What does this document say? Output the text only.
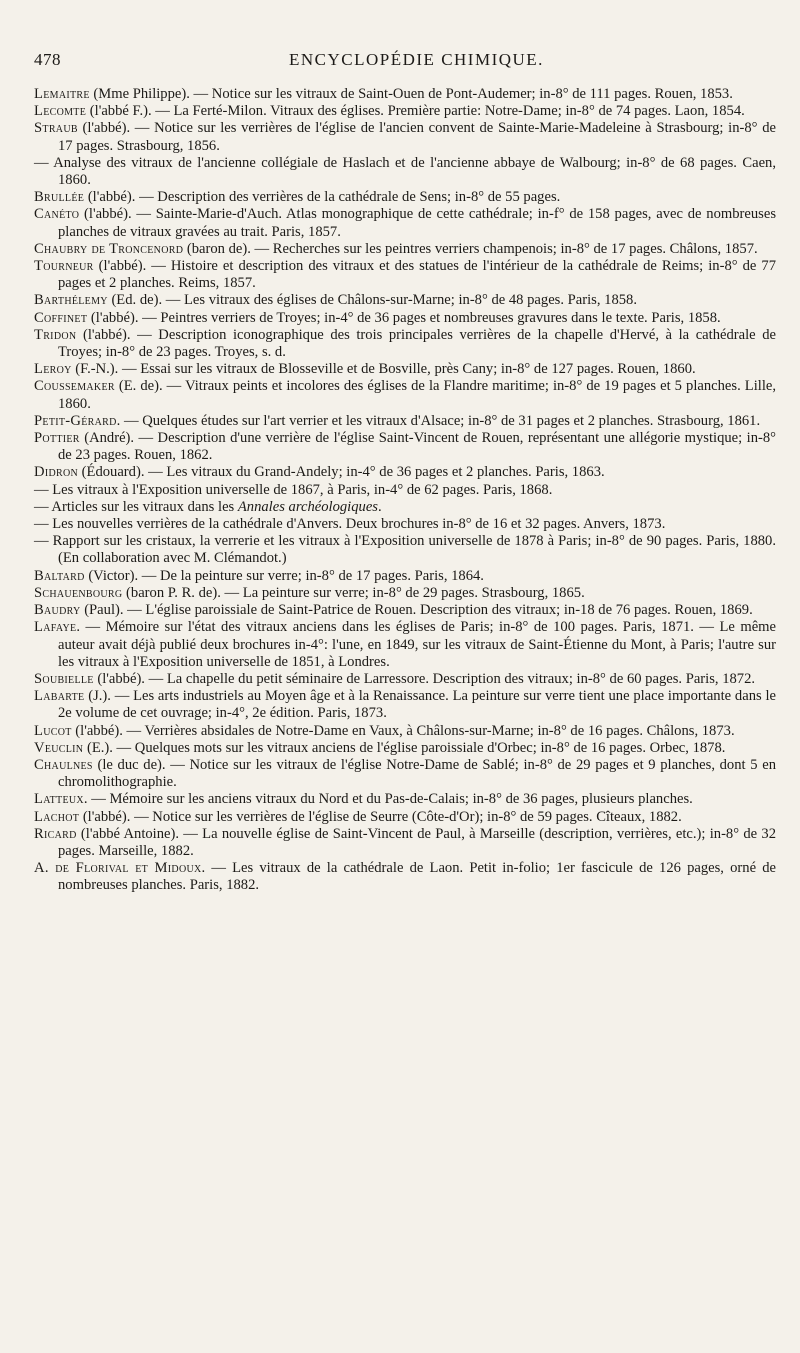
478	ENCYCLOPÉDIE CHIMIQUE.

Lemaitre (Mme Philippe). — Notice sur les vitraux de Saint-Ouen de Pont-Audemer; in-8° de 111 pages. Rouen, 1853.

Lecomte (l'abbé F.). — La Ferté-Milon. Vitraux des églises. Première partie: Notre-Dame; in-8° de 74 pages. Laon, 1854.

Straub (l'abbé). — Notice sur les verrières de l'église de l'ancien convent de Sainte-Marie-Madeleine à Strasbourg; in-8° de 17 pages. Strasbourg, 1856.

— Analyse des vitraux de l'ancienne collégiale de Haslach et de l'ancienne abbaye de Walbourg; in-8° de 68 pages. Caen, 1860.

Brullée (l'abbé). — Description des verrières de la cathédrale de Sens; in-8° de 55 pages.

Canéto (l'abbé). — Sainte-Marie-d'Auch. Atlas monographique de cette cathédrale; in-f° de 158 pages, avec de nombreuses planches de vitraux gravées au trait. Paris, 1857.

Chaubry de Troncenord (baron de). — Recherches sur les peintres verriers champenois; in-8° de 17 pages. Châlons, 1857.

Tourneur (l'abbé). — Histoire et description des vitraux et des statues de l'intérieur de la cathédrale de Reims; in-8° de 77 pages et 2 planches. Reims, 1857.

Barthélemy (Ed. de). — Les vitraux des églises de Châlons-sur-Marne; in-8° de 48 pages. Paris, 1858.

Coffinet (l'abbé). — Peintres verriers de Troyes; in-4° de 36 pages et nombreuses gravures dans le texte. Paris, 1858.

Tridon (l'abbé). — Description iconographique des trois principales verrières de la chapelle d'Hervé, à la cathédrale de Troyes; in-8° de 23 pages. Troyes, s. d.

Leroy (F.-N.). — Essai sur les vitraux de Blosseville et de Bosville, près Cany; in-8° de 127 pages. Rouen, 1860.

Coussemaker (E. de). — Vitraux peints et incolores des églises de la Flandre maritime; in-8° de 19 pages et 5 planches. Lille, 1860.

Petit-Gérard. — Quelques études sur l'art verrier et les vitraux d'Alsace; in-8° de 31 pages et 2 planches. Strasbourg, 1861.

Pottier (André). — Description d'une verrière de l'église Saint-Vincent de Rouen, représentant une allégorie mystique; in-8° de 23 pages. Rouen, 1862.

Didron (Édouard). — Les vitraux du Grand-Andely; in-4° de 36 pages et 2 planches. Paris, 1863.

— Les vitraux à l'Exposition universelle de 1867, à Paris, in-4° de 62 pages. Paris, 1868.

— Articles sur les vitraux dans les Annales archéologiques.

— Les nouvelles verrières de la cathédrale d'Anvers. Deux brochures in-8° de 16 et 32 pages. Anvers, 1873.

— Rapport sur les cristaux, la verrerie et les vitraux à l'Exposition universelle de 1878 à Paris; in-8° de 90 pages. Paris, 1880. (En collaboration avec M. Clémandot.)

Baltard (Victor). — De la peinture sur verre; in-8° de 17 pages. Paris, 1864.

Schauenbourg (baron P. R. de). — La peinture sur verre; in-8° de 29 pages. Strasbourg, 1865.

Baudry (Paul). — L'église paroissiale de Saint-Patrice de Rouen. Description des vitraux; in-18 de 76 pages. Rouen, 1869.

Lafaye. — Mémoire sur l'état des vitraux anciens dans les églises de Paris; in-8° de 100 pages. Paris, 1871. — Le même auteur avait déjà publié deux brochures in-4°: l'une, en 1849, sur les vitraux de Saint-Étienne du Mont, à Paris; l'autre sur les vitraux à l'Exposition universelle de 1851, à Londres.

Soubielle (l'abbé). — La chapelle du petit séminaire de Larressore. Description des vitraux; in-8° de 60 pages. Paris, 1872.

Labarte (J.). — Les arts industriels au Moyen âge et à la Renaissance. La peinture sur verre tient une place importante dans le 2e volume de cet ouvrage; in-4°, 2e édition. Paris, 1873.

Lucot (l'abbé). — Verrières absidales de Notre-Dame en Vaux, à Châlons-sur-Marne; in-8° de 16 pages. Châlons, 1873.

Veuclin (E.). — Quelques mots sur les vitraux anciens de l'église paroissiale d'Orbec; in-8° de 16 pages. Orbec, 1878.

Chaulnes (le duc de). — Notice sur les vitraux de l'église Notre-Dame de Sablé; in-8° de 29 pages et 9 planches, dont 5 en chromolithographie.

Latteux. — Mémoire sur les anciens vitraux du Nord et du Pas-de-Calais; in-8° de 36 pages, plusieurs planches.

Lachot (l'abbé). — Notice sur les verrières de l'église de Seurre (Côte-d'Or); in-8° de 59 pages. Cîteaux, 1882.

Ricard (l'abbé Antoine). — La nouvelle église de Saint-Vincent de Paul, à Marseille (description, verrières, etc.); in-8° de 32 pages. Marseille, 1882.

A. de Florival et Midoux. — Les vitraux de la cathédrale de Laon. Petit in-folio; 1er fascicule de 126 pages, orné de nombreuses planches. Paris, 1882.
